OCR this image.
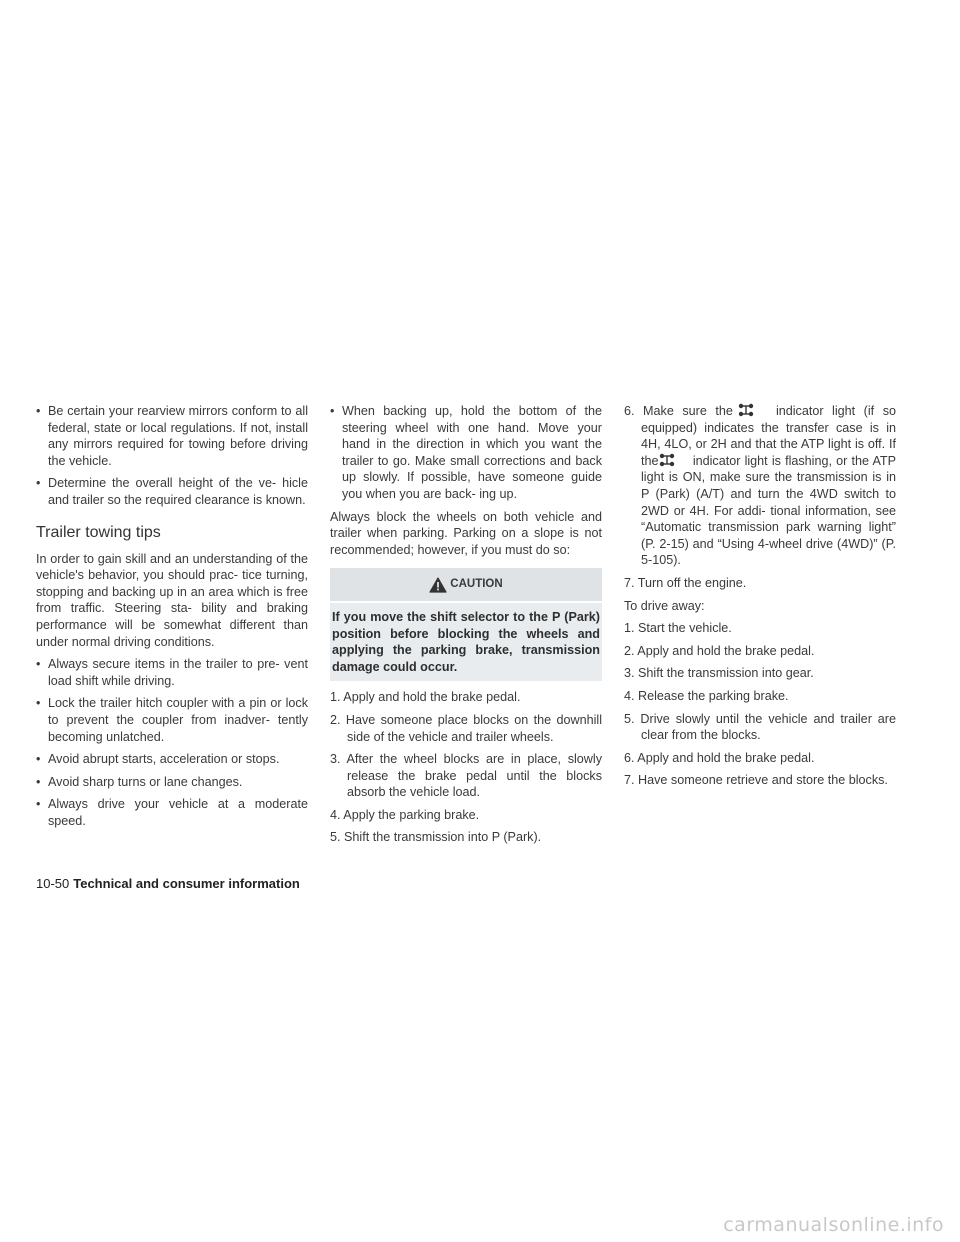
• Be certain your rearview mirrors conform to all federal, state or local regulations. If not, install any mirrors required for towing before driving the vehicle.
• Determine the overall height of the ve- hicle and trailer so the required clearance is known.
Trailer towing tips
In order to gain skill and an understanding of the vehicle's behavior, you should prac- tice turning, stopping and backing up in an area which is free from traffic. Steering sta- bility and braking performance will be somewhat different than under normal driving conditions.
• Always secure items in the trailer to pre- vent load shift while driving.
• Lock the trailer hitch coupler with a pin or lock to prevent the coupler from inadver- tently becoming unlatched.
• Avoid abrupt starts, acceleration or stops.
• Avoid sharp turns or lane changes.
• Always drive your vehicle at a moderate speed.
• When backing up, hold the bottom of the steering wheel with one hand. Move your hand in the direction in which you want the trailer to go. Make small corrections and back up slowly. If possible, have someone guide you when you are back- ing up.
Always block the wheels on both vehicle and trailer when parking. Parking on a slope is not recommended; however, if you must do so:
CAUTION
If you move the shift selector to the P (Park) position before blocking the wheels and applying the parking brake, transmission damage could occur.
1. Apply and hold the brake pedal.
2. Have someone place blocks on the downhill side of the vehicle and trailer wheels.
3. After the wheel blocks are in place, slowly release the brake pedal until the blocks absorb the vehicle load.
4. Apply the parking brake.
5. Shift the transmission into P (Park).
6. Make sure the	indicator light (if so equipped) indicates the transfer case is in 4H, 4LO, or 2H and that the ATP light is off. If the	indicator light is flashing, or the ATP light is ON, make sure the transmission is in P (Park) (A/T) and turn the 4WD switch to 2WD or 4H. For addi- tional information, see “Automatic transmission park warning light” (P. 2-15) and “Using 4-wheel drive (4WD)” (P. 5-105).
7. Turn off the engine.
To drive away:
1. Start the vehicle.
2. Apply and hold the brake pedal.
3. Shift the transmission into gear.
4. Release the parking brake.
5. Drive slowly until the vehicle and trailer are clear from the blocks.
6. Apply and hold the brake pedal.
7. Have someone retrieve and store the blocks.
10-50 Technical and consumer information
carmanualsonline.info
